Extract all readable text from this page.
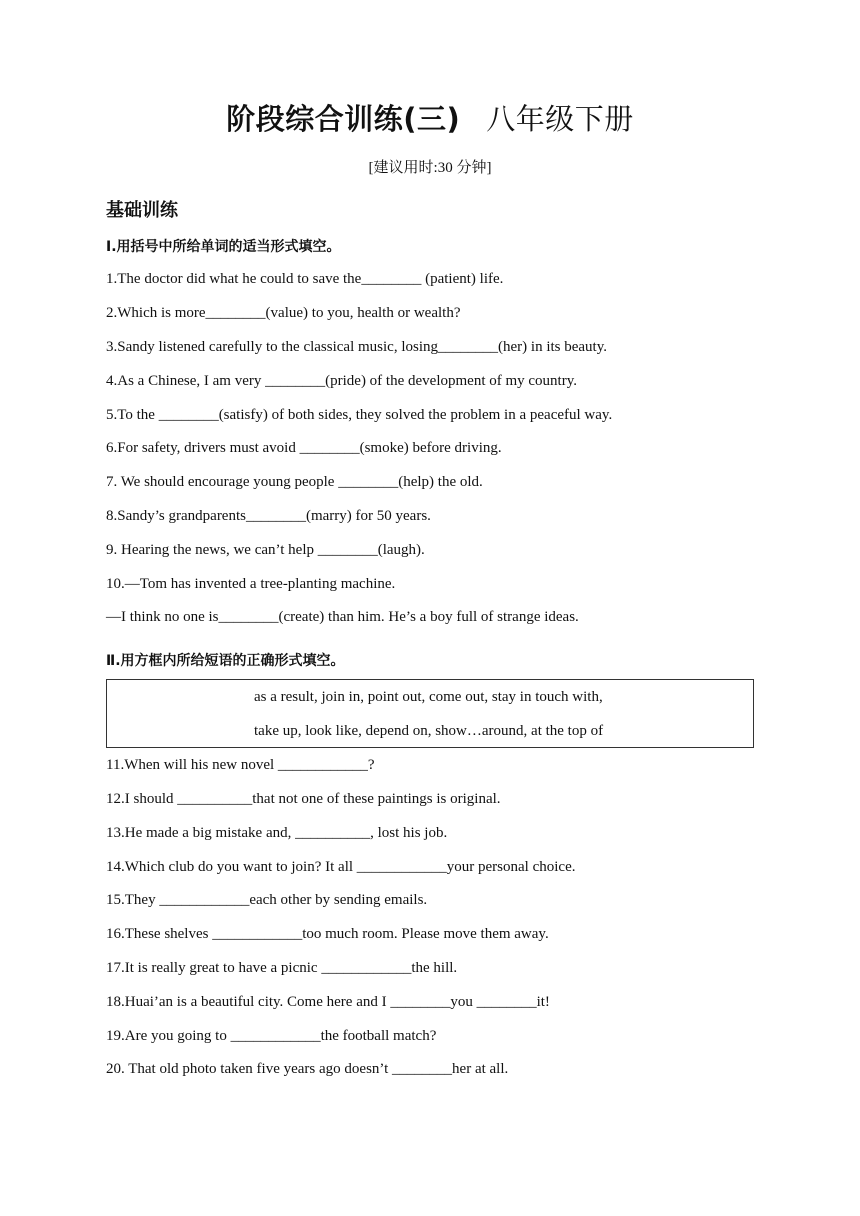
阶段综合训练(三) 八年级下册
[建议用时:30 分钟]
基础训练
Ⅰ.用括号中所给单词的适当形式填空。
1.The doctor did what he could to save the________ (patient) life.
2.Which is more________(value) to you, health or wealth?
3.Sandy listened carefully to the classical music, losing________(her) in its beauty.
4.As a Chinese, I am very ________(pride) of the development of my country.
5.To the ________(satisfy) of both sides, they solved the problem in a peaceful way.
6.For safety, drivers must avoid ________(smoke) before driving.
7. We should encourage young people ________(help) the old.
8.Sandy’s grandparents________(marry) for 50 years.
9. Hearing the news, we can’t help ________(laugh).
10.—Tom has invented a tree-planting machine.
—I think no one is________(create) than him. He’s a boy full of strange ideas.
Ⅱ.用方框内所给短语的正确形式填空。
as a result, join in, point out, come out, stay in touch with,
take up, look like, depend on, show…around, at the top of
11.When will his new novel ____________?
12.I should __________that not one of these paintings is original.
13.He made a big mistake and, __________, lost his job.
14.Which club do you want to join? It all ____________your personal choice.
15.They ____________each other by sending emails.
16.These shelves ____________too much room. Please move them away.
17.It is really great to have a picnic ____________the hill.
18.Huai’an is a beautiful city. Come here and I ________you ________it!
19.Are you going to ____________the football match?
20. That old photo taken five years ago doesn’t ________her at all.
